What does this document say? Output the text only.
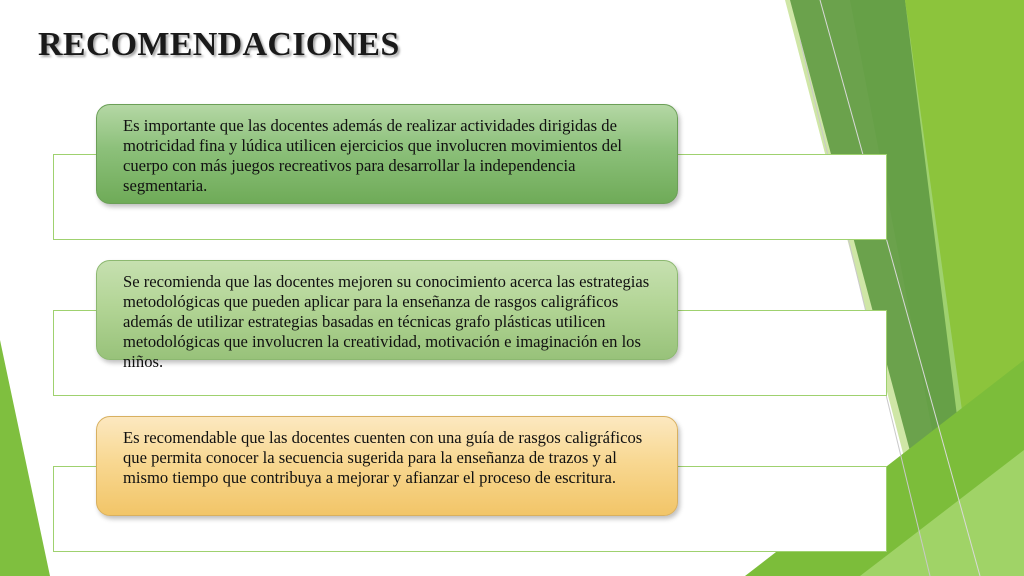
RECOMENDACIONES
Es importante que las docentes además de realizar actividades dirigidas de motricidad fina y lúdica utilicen ejercicios que involucren movimientos del cuerpo con más juegos recreativos para desarrollar la independencia segmentaria.
Se recomienda que las docentes mejoren su conocimiento acerca las estrategias metodológicas que pueden aplicar para la enseñanza de rasgos caligráficos además de utilizar estrategias basadas en técnicas grafo plásticas utilicen metodológicas que involucren la creatividad, motivación e imaginación en los niños.
Es recomendable que las docentes cuenten con una guía de rasgos caligráficos que permita conocer la secuencia sugerida para la enseñanza de trazos y al mismo tiempo que contribuya a mejorar y afianzar el proceso de escritura.
